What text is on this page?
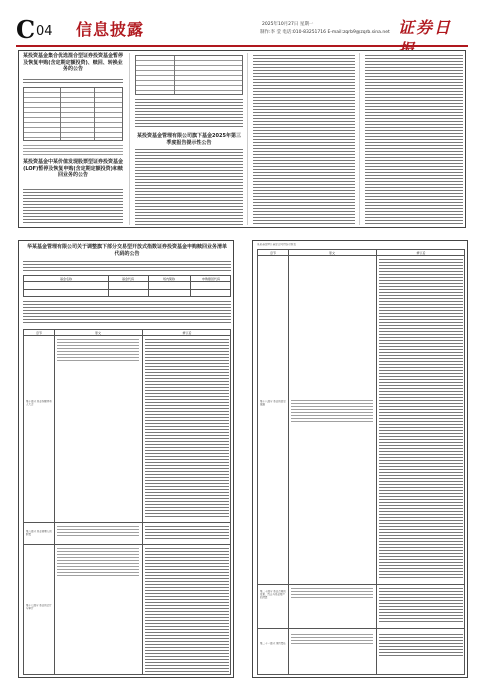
C 04 信息披露	2025年10月27日 星期一
制作:李 莹 电话:010-83251716 E-mail:zqrb9@zqrb.sina.net 证券日
某投资基金集合优选混合型证券投资基金暂停及恢复申购(含定期定额投资)、赎回、转换业务的公告
某投资基金中某价值发现股票型证券投资基金(LOF)暂停及恢复申购(含定期定额投资)和赎回业务的公告
某投资基金管理有限公司旗下基金2025年第三季度报告提示性公告
华某基金管理有限公司关于调整旗下部分交易型开放式指数证券投资基金申购赎回业务清单代码的公告
基金名称	基金代码	场内简称	申购赎回代码
章节	原文	修订后
第十部分 基金份额持有人大会
第八部分 基金管理人的职责
第十七部分 基金的会计与审计
某某基金修订基金合同内容对照表
章节	原文	修订后
第十八部分 基金的信息披露
第二十部分 基金合同的变更、终止与基金财产的清算
第二十一部分 违约责任
